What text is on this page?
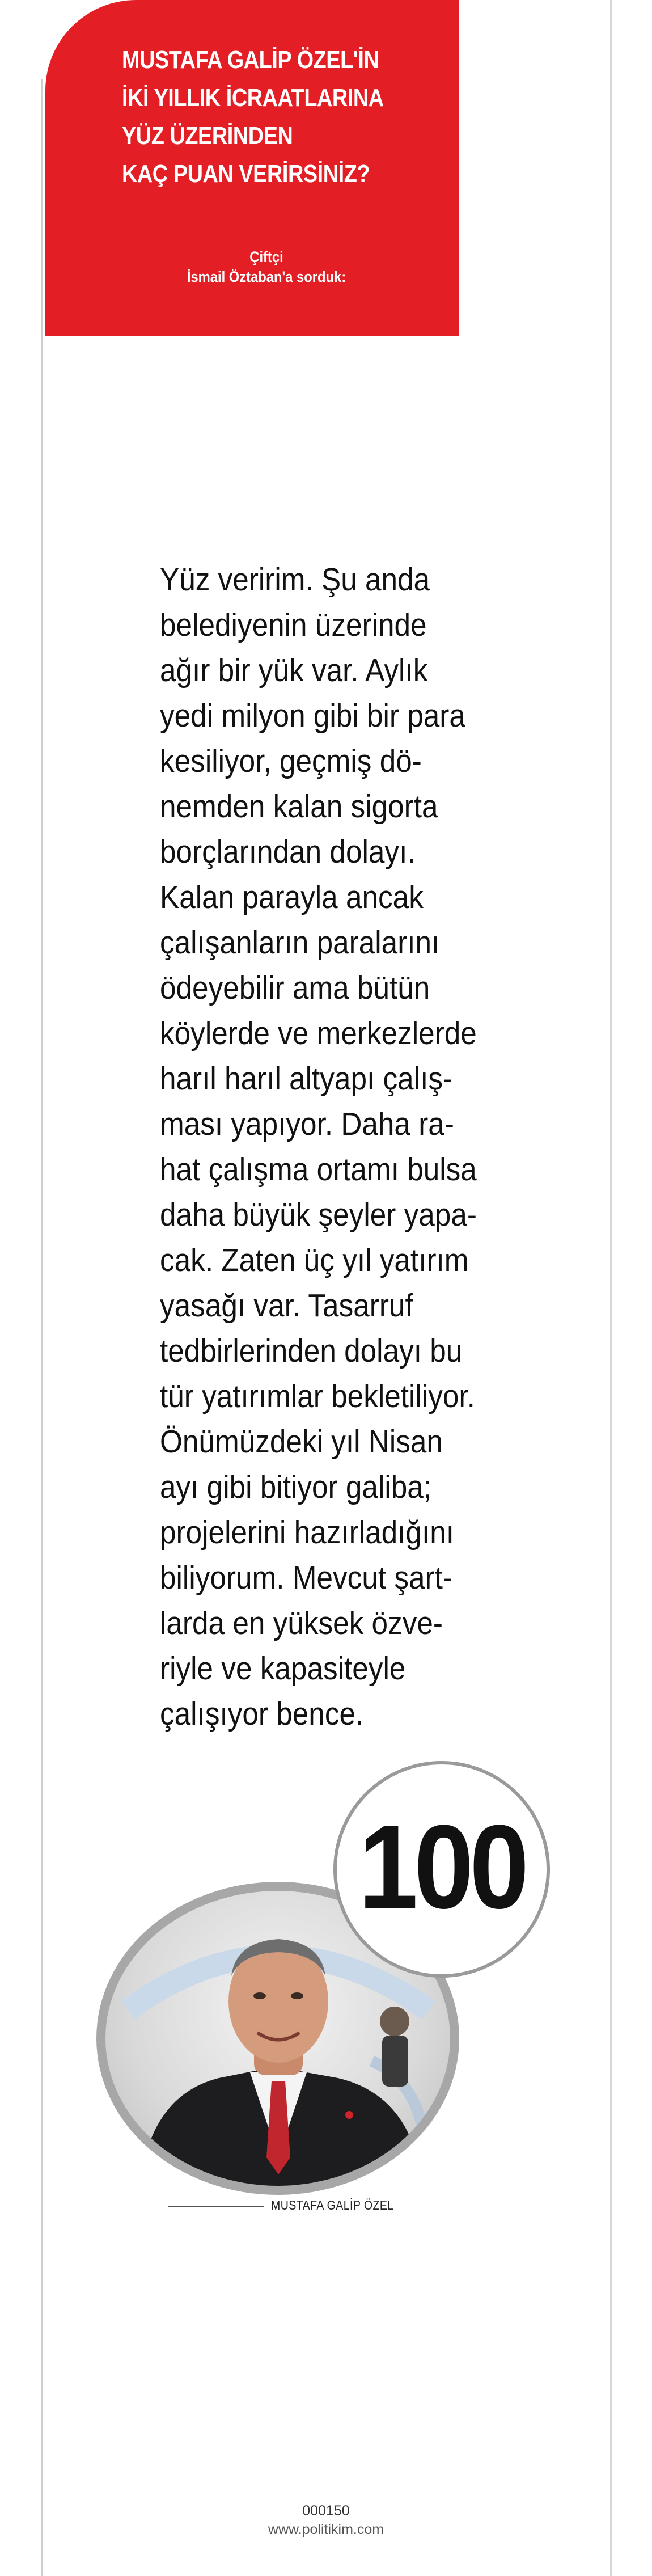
MUSTAFA GALİP ÖZEL'İN
İKİ YILLIK İCRAATLARINA
YÜZ ÜZERİNDEN
KAÇ PUAN VERİRSİNİZ?
Çiftçi
İsmail Öztaban'a sorduk:
Yüz veririm. Şu anda
belediyenin üzerinde
ağır bir yük var. Aylık
yedi milyon gibi bir para
kesiliyor, geçmiş dö-
nemden kalan sigorta
borçlarından dolayı.
Kalan parayla ancak
çalışanların paralarını
ödeyebilir ama bütün
köylerde ve merkezlerde
harıl harıl altyapı çalış-
ması yapıyor. Daha ra-
hat çalışma ortamı bulsa
daha büyük şeyler yapa-
cak. Zaten üç yıl yatırım
yasağı var. Tasarruf
tedbirlerinden dolayı bu
tür yatırımlar bekletiliyor.
Önümüzdeki yıl Nisan
ayı gibi bitiyor galiba;
projelerini hazırladığını
biliyorum. Mevcut şart-
larda en yüksek özve-
riyle ve kapasiteyle
çalışıyor bence.
100
MUSTAFA GALİP ÖZEL
000150
www.politikim.com
